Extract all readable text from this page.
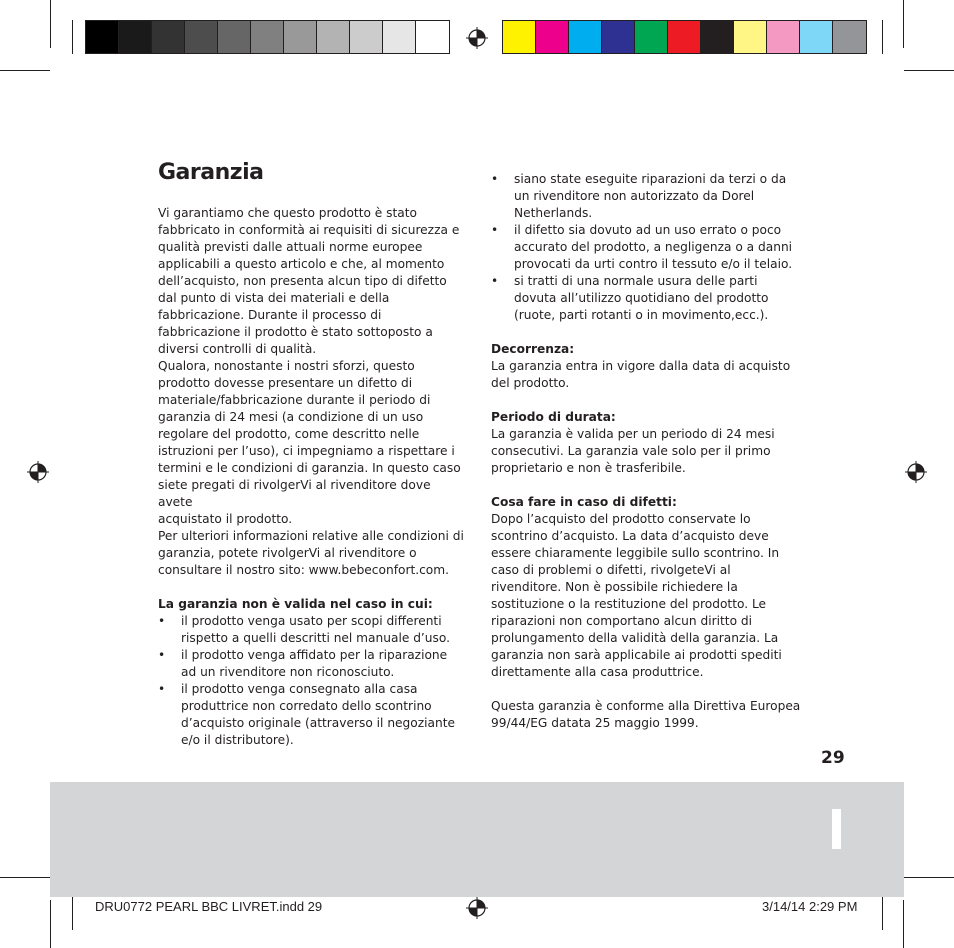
Garanzia

Vi garantiamo che questo prodotto è stato

fabbricato in conformità ai requisiti di sicurezza e

qualità previsti dalle attuali norme europee

applicabili a questo articolo e che, al momento

dell’acquisto, non presenta alcun tipo di difetto

dal punto di vista dei materiali e della

fabbricazione. Durante il processo di

fabbricazione il prodotto è stato sottoposto a

diversi controlli di qualità.

Qualora, nonostante i nostri sforzi, questo

prodotto dovesse presentare un difetto di

materiale/fabbricazione durante il periodo di

garanzia di 24 mesi (a condizione di un uso

regolare del prodotto, come descritto nelle

istruzioni per l’uso), ci impegniamo a rispettare i

termini e le condizioni di garanzia. In questo caso

siete pregati di rivolgerVi al rivenditore dove avete

acquistato il prodotto.

Per ulteriori informazioni relative alle condizioni di

garanzia, potete rivolgerVi al rivenditore o

consultare il nostro sito: www.bebeconfort.com.

La garanzia non è valida nel caso in cui:

• il prodotto venga usato per scopi differenti

rispetto a quelli descritti nel manuale d’uso.

• il prodotto venga affidato per la riparazione

ad un rivenditore non riconosciuto.

• il prodotto venga consegnato alla casa

produttrice non corredato dello scontrino

d’acquisto originale (attraverso il negoziante

e/o il distributore).

• siano state eseguite riparazioni da terzi o da

un rivenditore non autorizzato da Dorel

Netherlands.

• il difetto sia dovuto ad un uso errato o poco

accurato del prodotto, a negligenza o a danni

provocati da urti contro il tessuto e/o il telaio.

• si tratti di una normale usura delle parti

dovuta all’utilizzo quotidiano del prodotto

(ruote, parti rotanti o in movimento,ecc.).

Decorrenza:

La garanzia entra in vigore dalla data di acquisto

del prodotto.

Periodo di durata:

La garanzia è valida per un periodo di 24 mesi

consecutivi. La garanzia vale solo per il primo

proprietario e non è trasferibile.

Cosa fare in caso di difetti:

Dopo l’acquisto del prodotto conservate lo

scontrino d’acquisto. La data d’acquisto deve

essere chiaramente leggibile sullo scontrino. In

caso di problemi o difetti, rivolgeteVi al

rivenditore. Non è possibile richiedere la

sostituzione o la restituzione del prodotto. Le

riparazioni non comportano alcun diritto di

prolungamento della validità della garanzia. La

garanzia non sarà applicabile ai prodotti spediti

direttamente alla casa produttrice.

Questa garanzia è conforme alla Direttiva Europea

99/44/EG datata 25 maggio 1999.

29
DRU0772 PEARL BBC LIVRET.indd 29	3/14/14 2:29 PM
